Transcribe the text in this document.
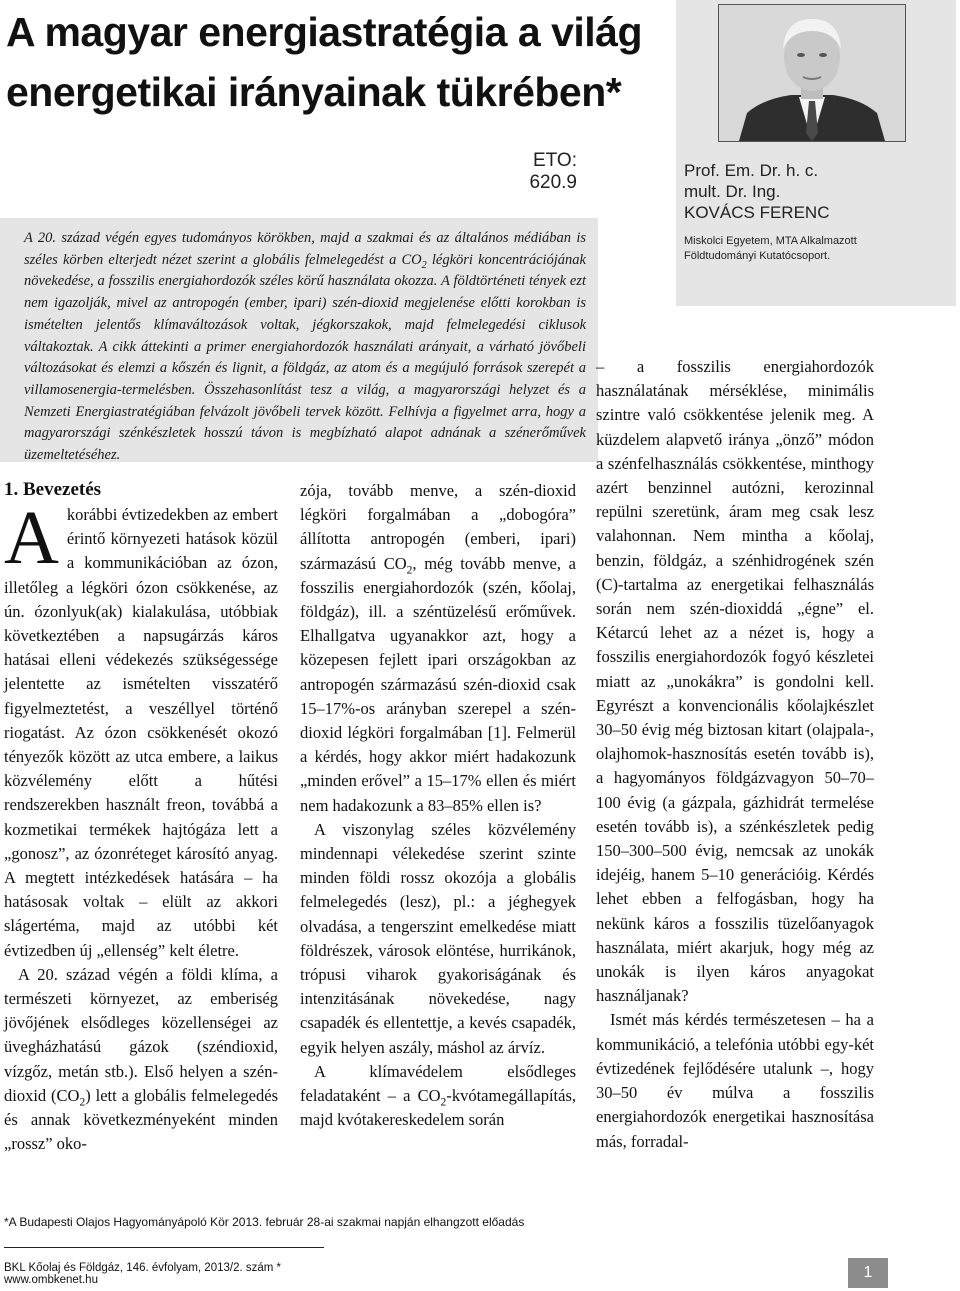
A magyar energiastratégia a világ energetikai irányainak tükrében*
ETO: 620.9
Prof. Em. Dr. h. c.
mult. Dr. Ing.
KOVÁCS FERENC
Miskolci Egyetem, MTA Alkalmazott Földtudományi Kutatócsoport.

A 20. század végén egyes tudományos körökben, majd a szakmai és az általános médiában is széles körben elterjedt nézet szerint a globális felmelegedést a $CO_2$ légköri koncentrációjának növekedése, a fosszilis energiahordozók széles körű használata okozza. A földtörténeti tények ezt nem igazolják, mivel az antropogén (ember, ipari) szén-dioxid megjelenése előtti korokban is ismételten jelentős klímaváltozások voltak, jégkorszakok, majd felmelegedési ciklusok váltakoztak. A cikk áttekinti a primer energiahordozók használati arányait, a várható jövőbeli változásokat és elemzi a kőszén és lignit, a földgáz, az atom és a megújuló források szerepét a villamosenergia-termelésben. Összehasonlítást tesz a világ, a magyarországi helyzet és a Nemzeti Energiastratégiában felvázolt jövőbeli tervek között. Felhívja a figyelmet arra, hogy a magyarországi szénkészletek hosszú távon is megbízható alapot adnának a szénerőművek üzemeltetéséhez.

1. Bevezetés

Akorábbi évtizedekben az embert érintő környezeti hatások közül a kommunikációban az ózon, illetőleg a légköri ózon csökkenése, az ún. ózonlyuk(ak) kialakulása, utóbbiak következtében a napsugárzás káros hatásai elleni védekezés szükségessége jelentette az ismételten visszatérő figyelmeztetést, a veszéllyel történő riogatást. Az ózon csökkenését okozó tényezők között az utca embere, a laikus közvélemény előtt a hűtési rendszerekben használt freon, továbbá a kozmetikai termékek hajtógáza lett a „gonosz”, az ózonréteget károsító anyag. A megtett intézkedések hatására – ha hatásosak voltak – elült az akkori slágertéma, majd az utóbbi két évtizedben új „ellenség” kelt életre.

A 20. század végén a földi klíma, a természeti környezet, az emberiség jövőjének elsődleges közellenségei az üvegházhatású gázok (széndioxid, vízgőz, metán stb.). Első helyen a szén-dioxid $(CO_2)$ lett a globális felmelegedés és annak következményeként minden „rossz” oko-

zója, tovább menve, a szén-dioxid légköri forgalmában a „dobogóra” állította antropogén (emberi, ipari) származású $CO_2$, még tovább menve, a fosszilis energiahordozók (szén, kőolaj, földgáz), ill. a széntüzelésű erőművek. Elhallgatva ugyanakkor azt, hogy a közepesen fejlett ipari országokban az antropogén származású szén-dioxid csak 15–17%-os arányban szerepel a szén-dioxid légköri forgalmában [1]. Felmerül a kérdés, hogy akkor miért hadakozunk „minden erővel” a 15–17% ellen és miért nem hadakozunk a 83–85% ellen is?

A viszonylag széles közvélemény mindennapi vélekedése szerint szinte minden földi rossz okozója a globális felmelegedés (lesz), pl.: a jéghegyek olvadása, a tengerszint emelkedése miatt földrészek, városok elöntése, hurrikánok, trópusi viharok gyakoriságának és intenzitásának növekedése, nagy csapadék és ellentettje, a kevés csapadék, egyik helyen aszály, máshol az árvíz.

A klímavédelem elsődleges feladataként – a $CO_2$-kvótamegállapítás, majd kvótakereskedelem során

– a fosszilis energiahordozók használatának mérséklése, minimális szintre való csökkentése jelenik meg. A küzdelem alapvető iránya „önző” módon a szénfelhasználás csökkentése, minthogy azért benzinnel autózni, kerozinnal repülni szeretünk, áram meg csak lesz valahonnan. Nem mintha a kőolaj, benzin, földgáz, a szénhidrogének szén (C)-tartalma az energetikai felhasználás során nem szén-dioxiddá „égne” el. Kétarcú lehet az a nézet is, hogy a fosszilis energiahordozók fogyó készletei miatt az „unokákra” is gondolni kell. Egyrészt a konvencionális kőolajkészlet 30–50 évig még biztosan kitart (olajpala-, olajhomok-hasznosítás esetén tovább is), a hagyományos földgázvagyon 50–70–100 évig (a gázpala, gázhidrát termelése esetén tovább is), a szénkészletek pedig 150–300–500 évig, nemcsak az unokák idejéig, hanem 5–10 generációig. Kérdés lehet ebben a felfogásban, hogy ha nekünk káros a fosszilis tüzelőanyagok használata, miért akarjuk, hogy még az unokák is ilyen káros anyagokat használjanak?

Ismét más kérdés természetesen – ha a kommunikáció, a telefónia utóbbi egy-két évtizedének fejlődésére utalunk –, hogy 30–50 év múlva a fosszilis energiahordozók energetikai hasznosítása más, forradal-

*A Budapesti Olajos Hagyományápoló Kör 2013. február 28-ai szakmai napján elhangzott előadás
BKL Kőolaj és Földgáz, 146. évfolyam, 2013/2. szám * www.ombkenet.hu	1
